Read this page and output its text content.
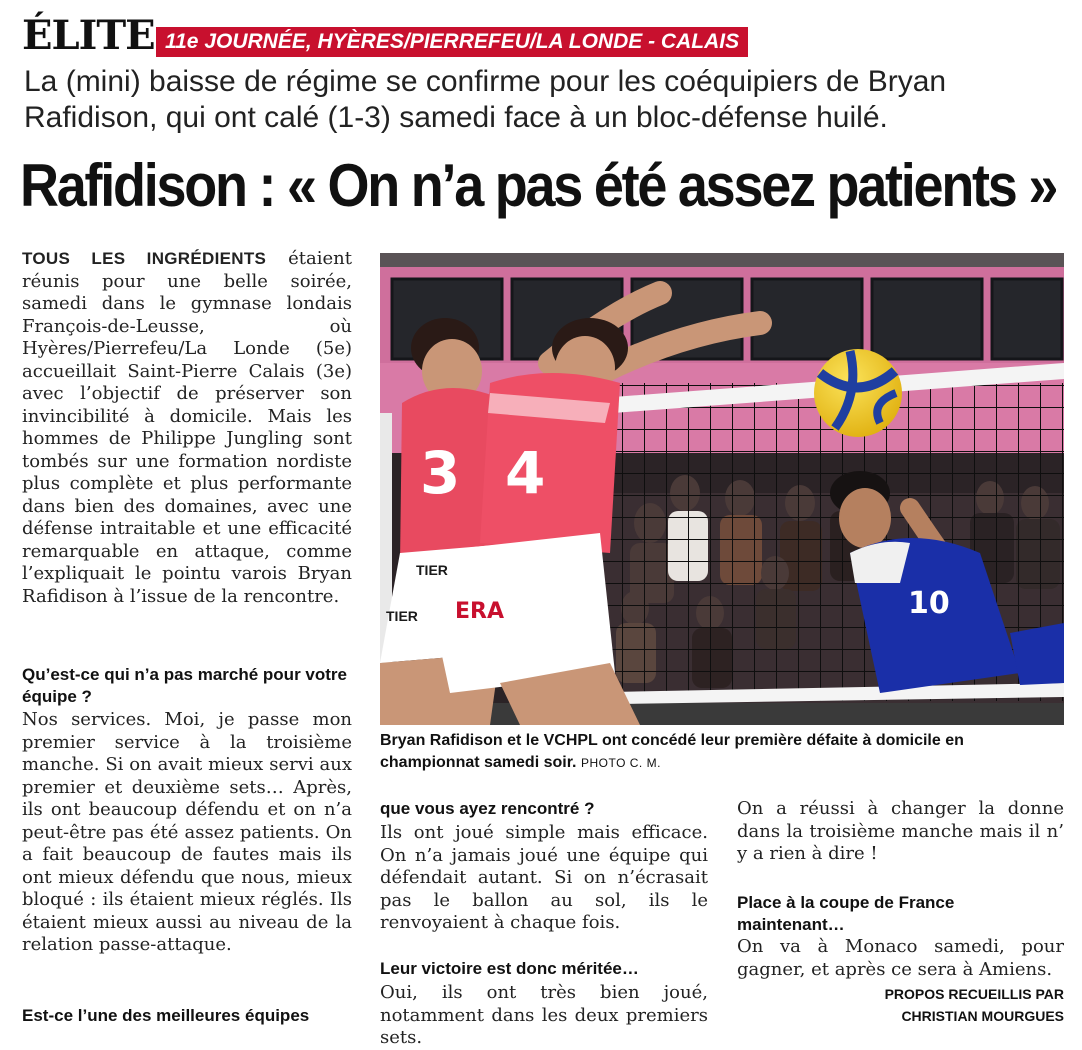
ÉLITE 11e JOURNÉE, HYÈRES/PIERREFEU/LA LONDE - CALAIS
La (mini) baisse de régime se confirme pour les coéquipiers de Bryan Rafidison, qui ont calé (1-3) samedi face à un bloc-défense huilé.
Rafidison : « On n’a pas été assez patients »
TOUS LES INGRÉDIENTS étaient réunis pour une belle soirée, samedi dans le gymnase londais François-de-Leusse, où Hyères/Pierrefeu/La Londe (5e) accueillait Saint-Pierre Calais (3e) avec l’objectif de préserver son invincibilité à domicile. Mais les hommes de Philippe Jungling sont tombés sur une formation nordiste plus complète et plus performante dans bien des domaines, avec une défense intraitable et une efficacité remarquable en attaque, comme l’expliquait le pointu varois Bryan Rafidison à l’issue de la rencontre.
Qu’est-ce qui n’a pas marché pour votre équipe ?
Nos services. Moi, je passe mon premier service à la troisième manche. Si on avait mieux servi aux premier et deuxième sets… Après, ils ont beaucoup défendu et on n’a peut-être pas été assez patients. On a fait beaucoup de fautes mais ils ont mieux défendu que nous, mieux bloqué : ils étaient mieux réglés. Ils étaient mieux aussi au niveau de la relation passe-attaque.
Est-ce l’une des meilleures équipes
3 4
ERA
TIER
TIER
10
Bryan Rafidison et le VCHPL ont concédé leur première défaite à domicile en championnat samedi soir. PHOTO C. M.
que vous ayez rencontré ?
Ils ont joué simple mais efficace. On n’a jamais joué une équipe qui défendait autant. Si on n’écrasait pas le ballon au sol, ils le renvoyaient à chaque fois.
Leur victoire est donc méritée…
Oui, ils ont très bien joué, notamment dans les deux premiers sets.
On a réussi à changer la donne dans la troisième manche mais il n’ y a rien à dire !
Place à la coupe de France maintenant…
On va à Monaco samedi, pour gagner, et après ce sera à Amiens.
PROPOS RECUEILLIS PAR
CHRISTIAN MOURGUES
